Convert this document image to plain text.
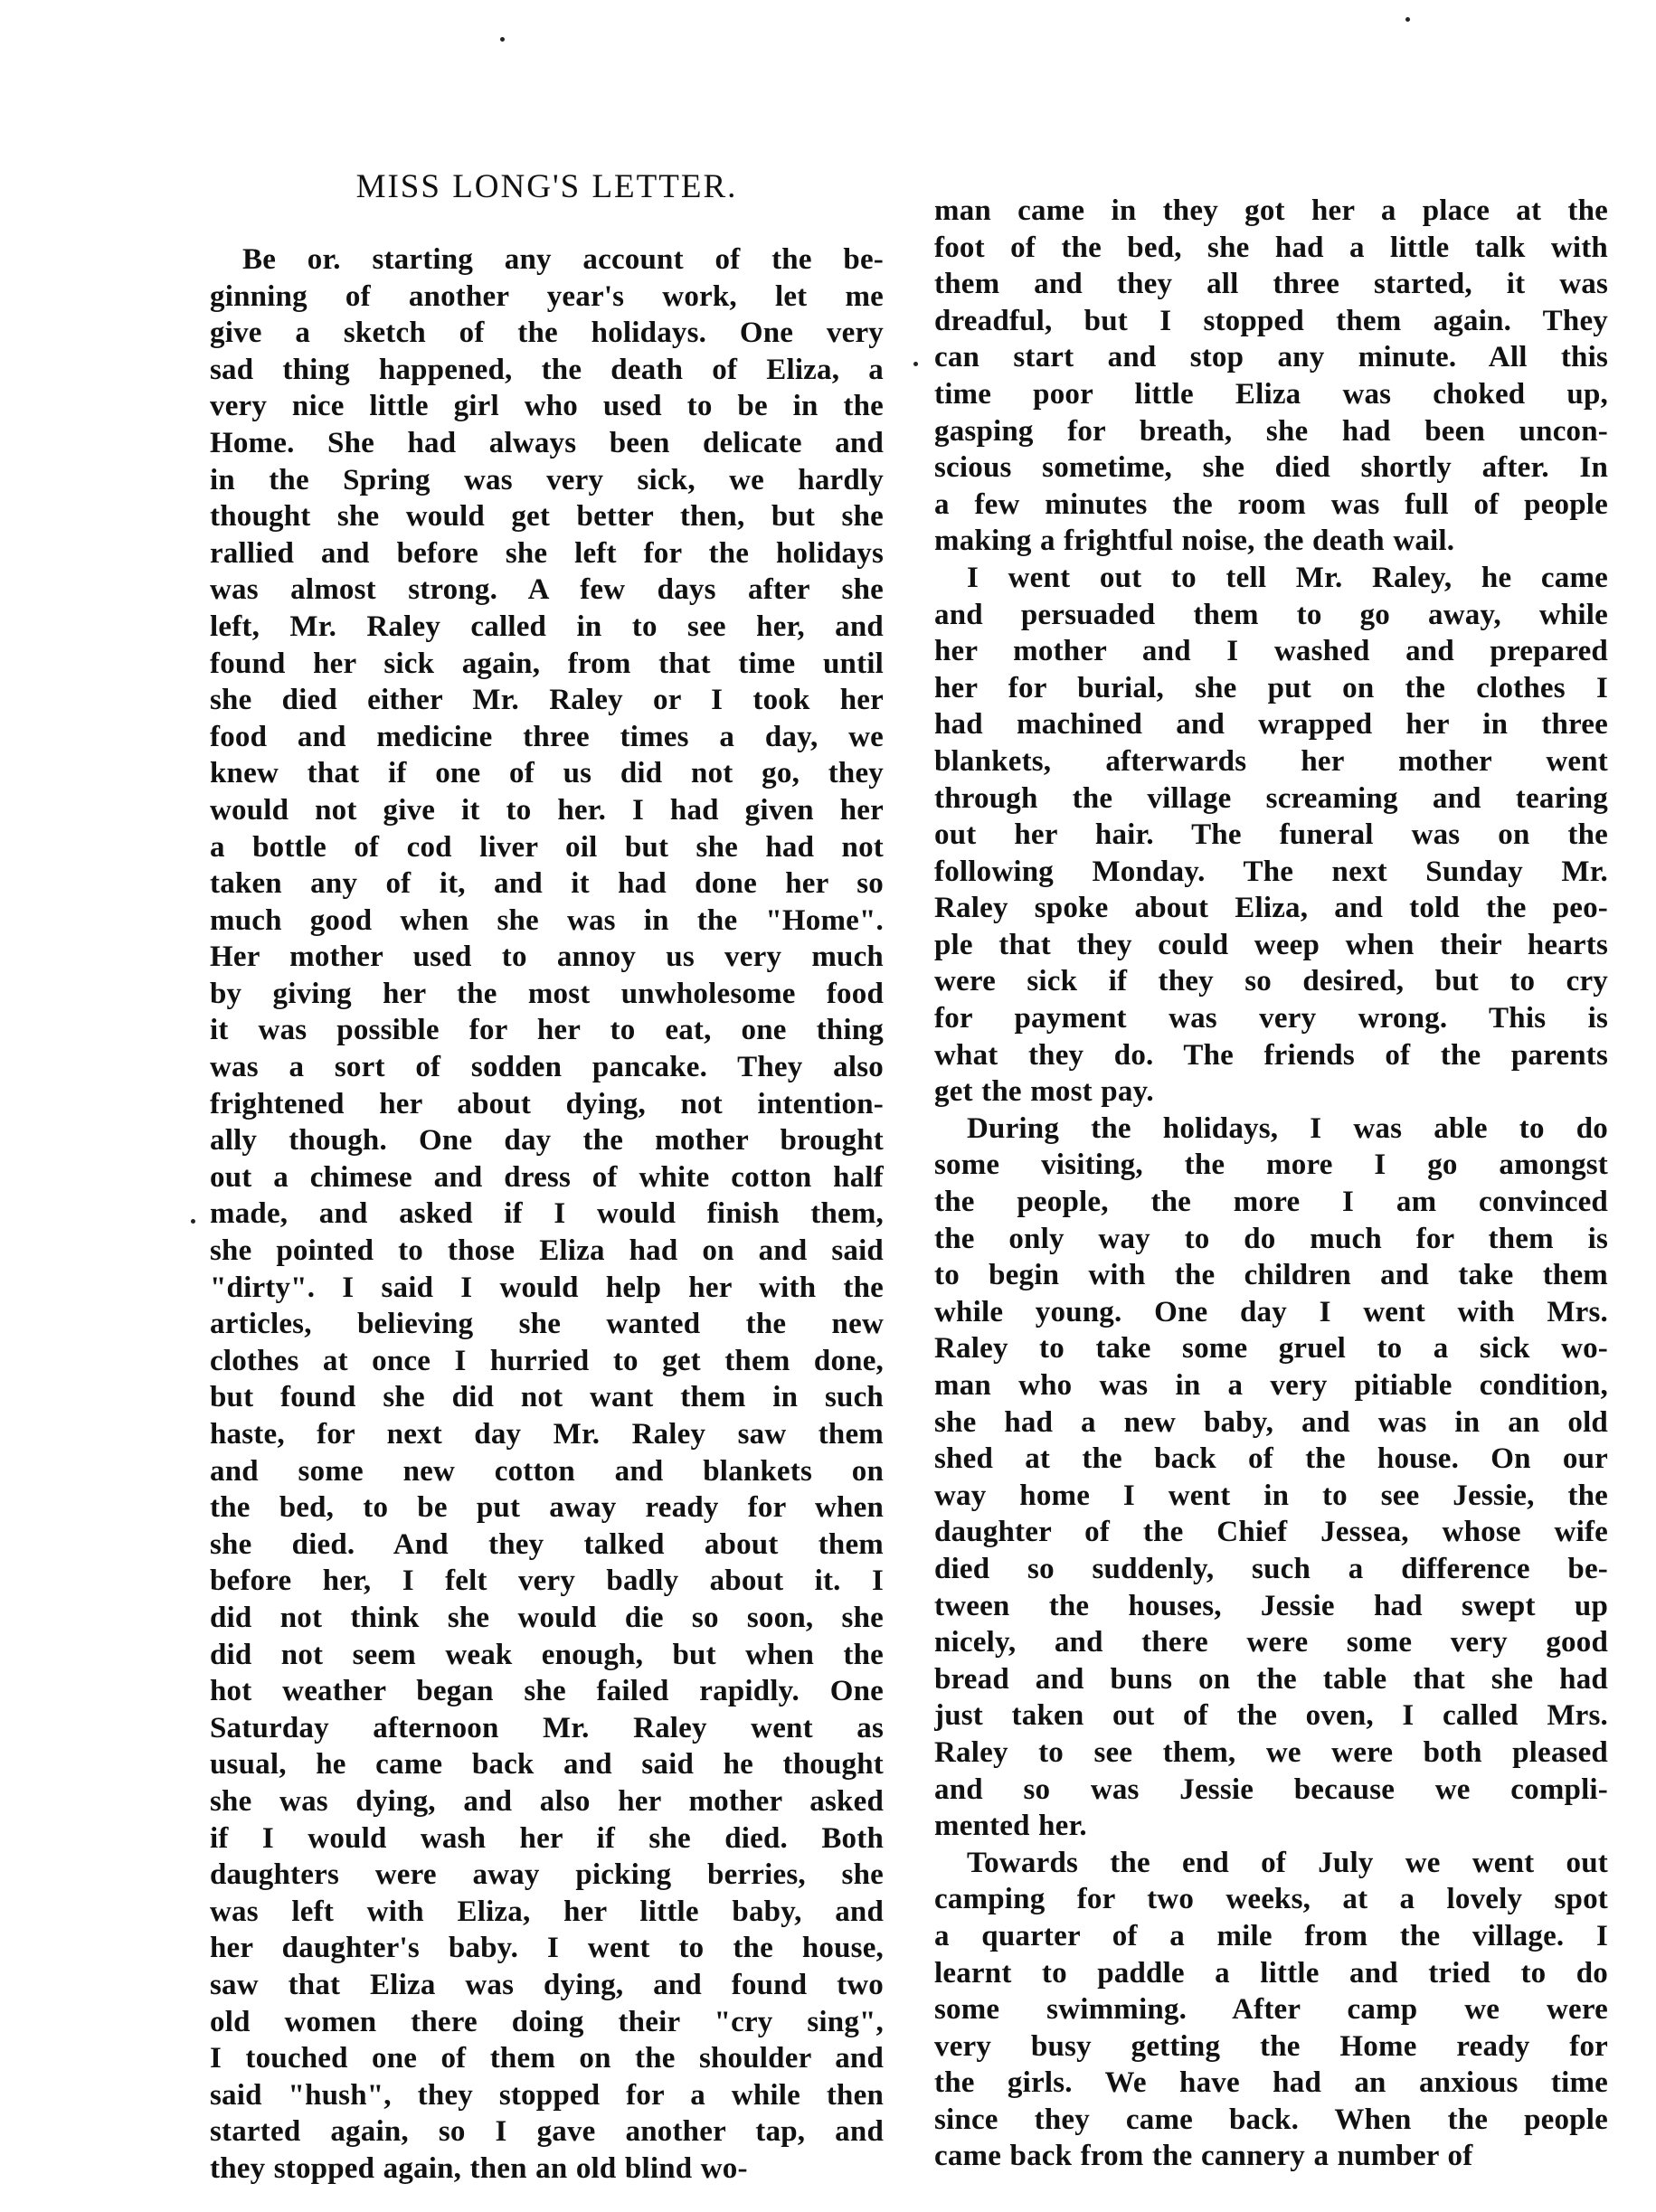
MISS LONG'S LETTER.
Be or. starting any account of the be-
ginning of another year's work, let me
give a sketch of the holidays. One very
sad thing happened, the death of Eliza, a
very nice little girl who used to be in the
Home. She had always been delicate and
in the Spring was very sick, we hardly
thought she would get better then, but she
rallied and before she left for the holidays
was almost strong. A few days after she
left, Mr. Raley called in to see her, and
found her sick again, from that time until
she died either Mr. Raley or I took her
food and medicine three times a day, we
knew that if one of us did not go, they
would not give it to her. I had given her
a bottle of cod liver oil but she had not
taken any of it, and it had done her so
much good when she was in the "Home".
Her mother used to annoy us very much
by giving her the most unwholesome food
it was possible for her to eat, one thing
was a sort of sodden pancake. They also
frightened her about dying, not intention-
ally though. One day the mother brought
out a chimese and dress of white cotton half
made, and asked if I would finish them,
she pointed to those Eliza had on and said
"dirty". I said I would help her with the
articles, believing she wanted the new
clothes at once I hurried to get them done,
but found she did not want them in such
haste, for next day Mr. Raley saw them
and some new cotton and blankets on
the bed, to be put away ready for when
she died. And they talked about them
before her, I felt very badly about it. I
did not think she would die so soon, she
did not seem weak enough, but when the
hot weather began she failed rapidly. One
Saturday afternoon Mr. Raley went as
usual, he came back and said he thought
she was dying, and also her mother asked
if I would wash her if she died. Both
daughters were away picking berries, she
was left with Eliza, her little baby, and
her daughter's baby. I went to the house,
saw that Eliza was dying, and found two
old women there doing their "cry sing",
I touched one of them on the shoulder and
said "hush", they stopped for a while then
started again, so I gave another tap, and
they stopped again, then an old blind wo-
man came in they got her a place at the
foot of the bed, she had a little talk with
them and they all three started, it was
dreadful, but I stopped them again. They
can start and stop any minute. All this
time poor little Eliza was choked up,
gasping for breath, she had been uncon-
scious sometime, she died shortly after. In
a few minutes the room was full of people
making a frightful noise, the death wail.
I went out to tell Mr. Raley, he came
and persuaded them to go away, while
her mother and I washed and prepared
her for burial, she put on the clothes I
had machined and wrapped her in three
blankets, afterwards her mother went
through the village screaming and tearing
out her hair. The funeral was on the
following Monday. The next Sunday Mr.
Raley spoke about Eliza, and told the peo-
ple that they could weep when their hearts
were sick if they so desired, but to cry
for payment was very wrong. This is
what they do. The friends of the parents
get the most pay.
During the holidays, I was able to do
some visiting, the more I go amongst
the people, the more I am convinced
the only way to do much for them is
to begin with the children and take them
while young. One day I went with Mrs.
Raley to take some gruel to a sick wo-
man who was in a very pitiable condition,
she had a new baby, and was in an old
shed at the back of the house. On our
way home I went in to see Jessie, the
daughter of the Chief Jessea, whose wife
died so suddenly, such a difference be-
tween the houses, Jessie had swept up
nicely, and there were some very good
bread and buns on the table that she had
just taken out of the oven, I called Mrs.
Raley to see them, we were both pleased
and so was Jessie because we compli-
mented her.
Towards the end of July we went out
camping for two weeks, at a lovely spot
a quarter of a mile from the village. I
learnt to paddle a little and tried to do
some swimming. After camp we were
very busy getting the Home ready for
the girls. We have had an anxious time
since they came back. When the people
came back from the cannery a number of
